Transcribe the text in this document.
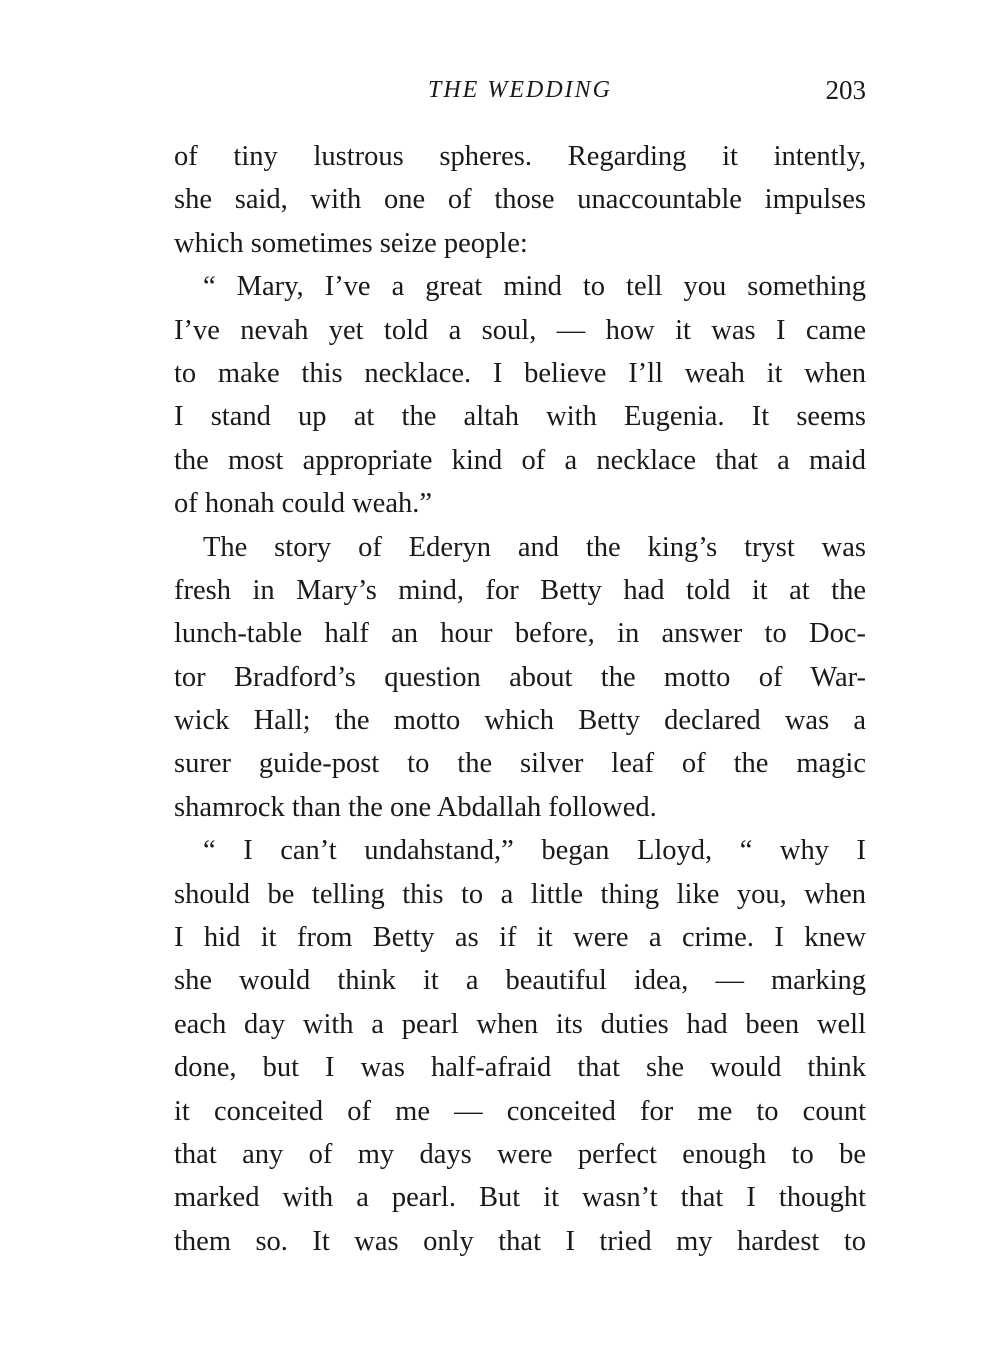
THE WEDDING	203
of tiny lustrous spheres. Regarding it intently,
she said, with one of those unaccountable impulses
which sometimes seize people:
“ Mary, I’ve a great mind to tell you something
I’ve nevah yet told a soul, — how it was I came
to make this necklace. I believe I’ll weah it when
I stand up at the altah with Eugenia. It seems
the most appropriate kind of a necklace that a maid
of honah could weah.”
The story of Ederyn and the king’s tryst was
fresh in Mary’s mind, for Betty had told it at the
lunch-table half an hour before, in answer to Doc-
tor Bradford’s question about the motto of War-
wick Hall; the motto which Betty declared was a
surer guide-post to the silver leaf of the magic
shamrock than the one Abdallah followed.
“ I can’t undahstand,” began Lloyd, “ why I
should be telling this to a little thing like you, when
I hid it from Betty as if it were a crime. I knew
she would think it a beautiful idea, — marking
each day with a pearl when its duties had been well
done, but I was half-afraid that she would think
it conceited of me — conceited for me to count
that any of my days were perfect enough to be
marked with a pearl. But it wasn’t that I thought
them so. It was only that I tried my hardest to
